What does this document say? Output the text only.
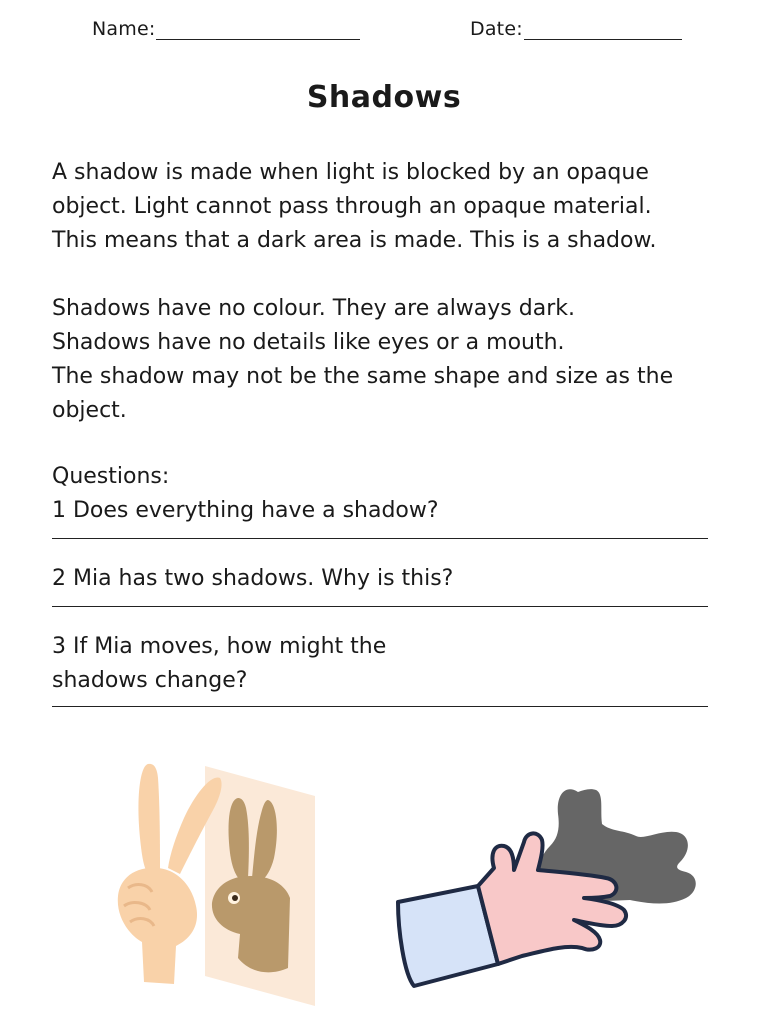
Name:	Date:
Shadows
A shadow is made when light is blocked by an opaque
object. Light cannot pass through an opaque material.
This means that a dark area is made. This is a shadow.
Shadows have no colour. They are always dark.
Shadows have no details like eyes or a mouth.
The shadow may not be the same shape and size as the
object.
Questions:
1 Does everything have a shadow?
2 Mia has two shadows. Why is this?
3 If Mia moves, how might the
shadows change?
